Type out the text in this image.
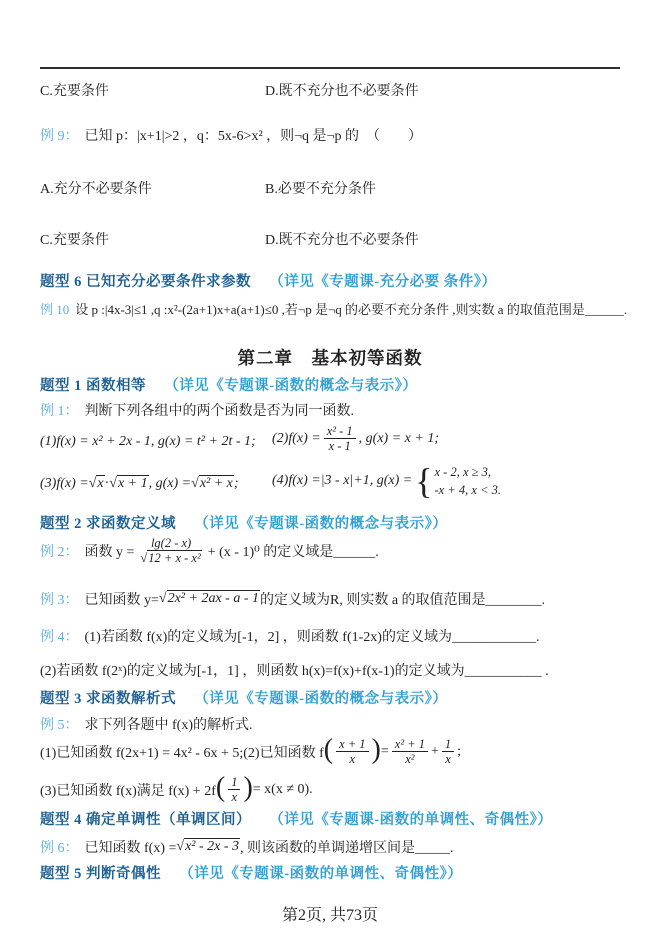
C.充要条件	D.既不充分也不必要条件
例 9： 已知 p：|x+1|>2 ，q：5x-6>x² ，则¬q 是¬p 的　（　　）
A.充分不必要条件	B.必要不充分条件
C.充要条件	D.既不充分也不必要条件
题型 6 已知充分必要条件求参数 （详见《专题课-充分必要 条件》）
例 10 设 p :|4x-3|≤1 ,q :x²-(2a+1)x+a(a+1)≤0 ,若¬p 是¬q 的必要不充分条件 ,则实数 a 的取值范围是______.
第二章　基本初等函数
题型 1 函数相等 （详见《专题课-函数的概念与表示》）
例 1： 判断下列各组中的两个函数是否为同一函数.
(1)f(x) = x² + 2x - 1, g(x) = t² + 2t - 1; $(2)f(x) = \frac{\text{x² - 1}}{x - 1}$ , g(x) = x + 1;
(3)f(x) = √x · √x + 1 , g(x) = √x² + x ; (4)f(x) =|3 - x|+1, g(x) = { x - 2, x ≥ 3,
-x + 4, x < 3.
题型 2 求函数定义域 （详见《专题课-函数的概念与表示》）
例 2： 函数 $y = \frac{\lg(2 - x)}{\text{√12 + x - x²}} + (x - 1)^0$ 的定义域是______.
例 3： 已知函数 y= √2x² + 2ax - a - 1 的定义域为R, 则实数 a 的取值范围是________.
例 4： (1)若函数 f(x)的定义域为[-1，2] ，则函数 f(1-2x)的定义域为____________.
(2)若函数 f(2ˣ)的定义域为[-1，1] ，则函数 h(x)=f(x)+f(x-1)的定义域为___________ .
题型 3 求函数解析式 （详见《专题课-函数的概念与表示》）
例 5： 求下列各题中 f(x)的解析式.
(1)已知函数 f(2x+1) = 4x² - 6x + 5;(2)已知函数 f ( $\frac{x + 1}{x}$ ) = $\frac{\text{x² + 1}}{\text{x²}} + \frac{1}{x}$ ;
(3)已知函数 f(x)满足 f(x) + 2f ( $\frac{1}{x}$ ) = x(x ≠ 0).
题型 4 确定单调性（单调区间） （详见《专题课-函数的单调性、奇偶性》）
例 6： 已知函数 f(x) = √x² - 2x - 3 , 则该函数的单调递增区间是_____.
题型 5 判断奇偶性 （详见《专题课-函数的单调性、奇偶性》）
第2页, 共73页
